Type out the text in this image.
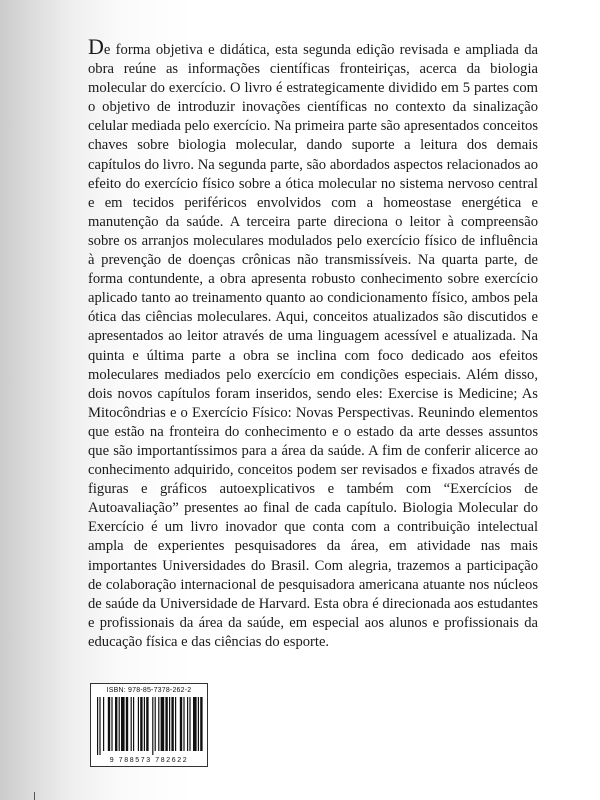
De forma objetiva e didática, esta segunda edição revisada e ampliada da obra reúne as informações científicas fronteiriças, acerca da biologia molecular do exercício. O livro é estrategicamente dividido em 5 partes com o objetivo de introduzir inovações científicas no contexto da sinalização celular mediada pelo exercício. Na primeira parte são apresentados conceitos chaves sobre biologia molecular, dando suporte a leitura dos demais capítulos do livro. Na segunda parte, são abordados aspectos relacionados ao efeito do exercício físico sobre a ótica molecular no sistema nervoso central e em tecidos periféricos envolvidos com a homeostase energética e manutenção da saúde. A terceira parte direciona o leitor à compreensão sobre os arranjos moleculares modulados pelo exercício físico de influência à prevenção de doenças crônicas não transmissíveis. Na quarta parte, de forma contundente, a obra apresenta robusto conhecimento sobre exercício aplicado tanto ao treinamento quanto ao condicionamento físico, ambos pela ótica das ciências moleculares. Aqui, conceitos atualizados são discutidos e apresentados ao leitor através de uma linguagem acessível e atualizada. Na quinta e última parte a obra se inclina com foco dedicado aos efeitos moleculares mediados pelo exercício em condições especiais. Além disso, dois novos capítulos foram inseridos, sendo eles: Exercise is Medicine; As Mitocôndrias e o Exercício Físico: Novas Perspectivas. Reunindo elementos que estão na fronteira do conhecimento e o estado da arte desses assuntos que são importantíssimos para a área da saúde. A fim de conferir alicerce ao conhecimento adquirido, conceitos podem ser revisados e fixados através de figuras e gráficos autoexplicativos e também com “Exercícios de Autoavaliação” presentes ao final de cada capítulo. Biologia Molecular do Exercício é um livro inovador que conta com a contribuição intelectual ampla de experientes pesquisadores da área, em atividade nas mais importantes Universidades do Brasil. Com alegria, trazemos a participação de colaboração internacional de pesquisadora americana atuante nos núcleos de saúde da Universidade de Harvard. Esta obra é direcionada aos estudantes e profissionais da área da saúde, em especial aos alunos e profissionais da educação física e das ciências do esporte.

ISBN: 978-85-7378-262-2
9 788573 782622
